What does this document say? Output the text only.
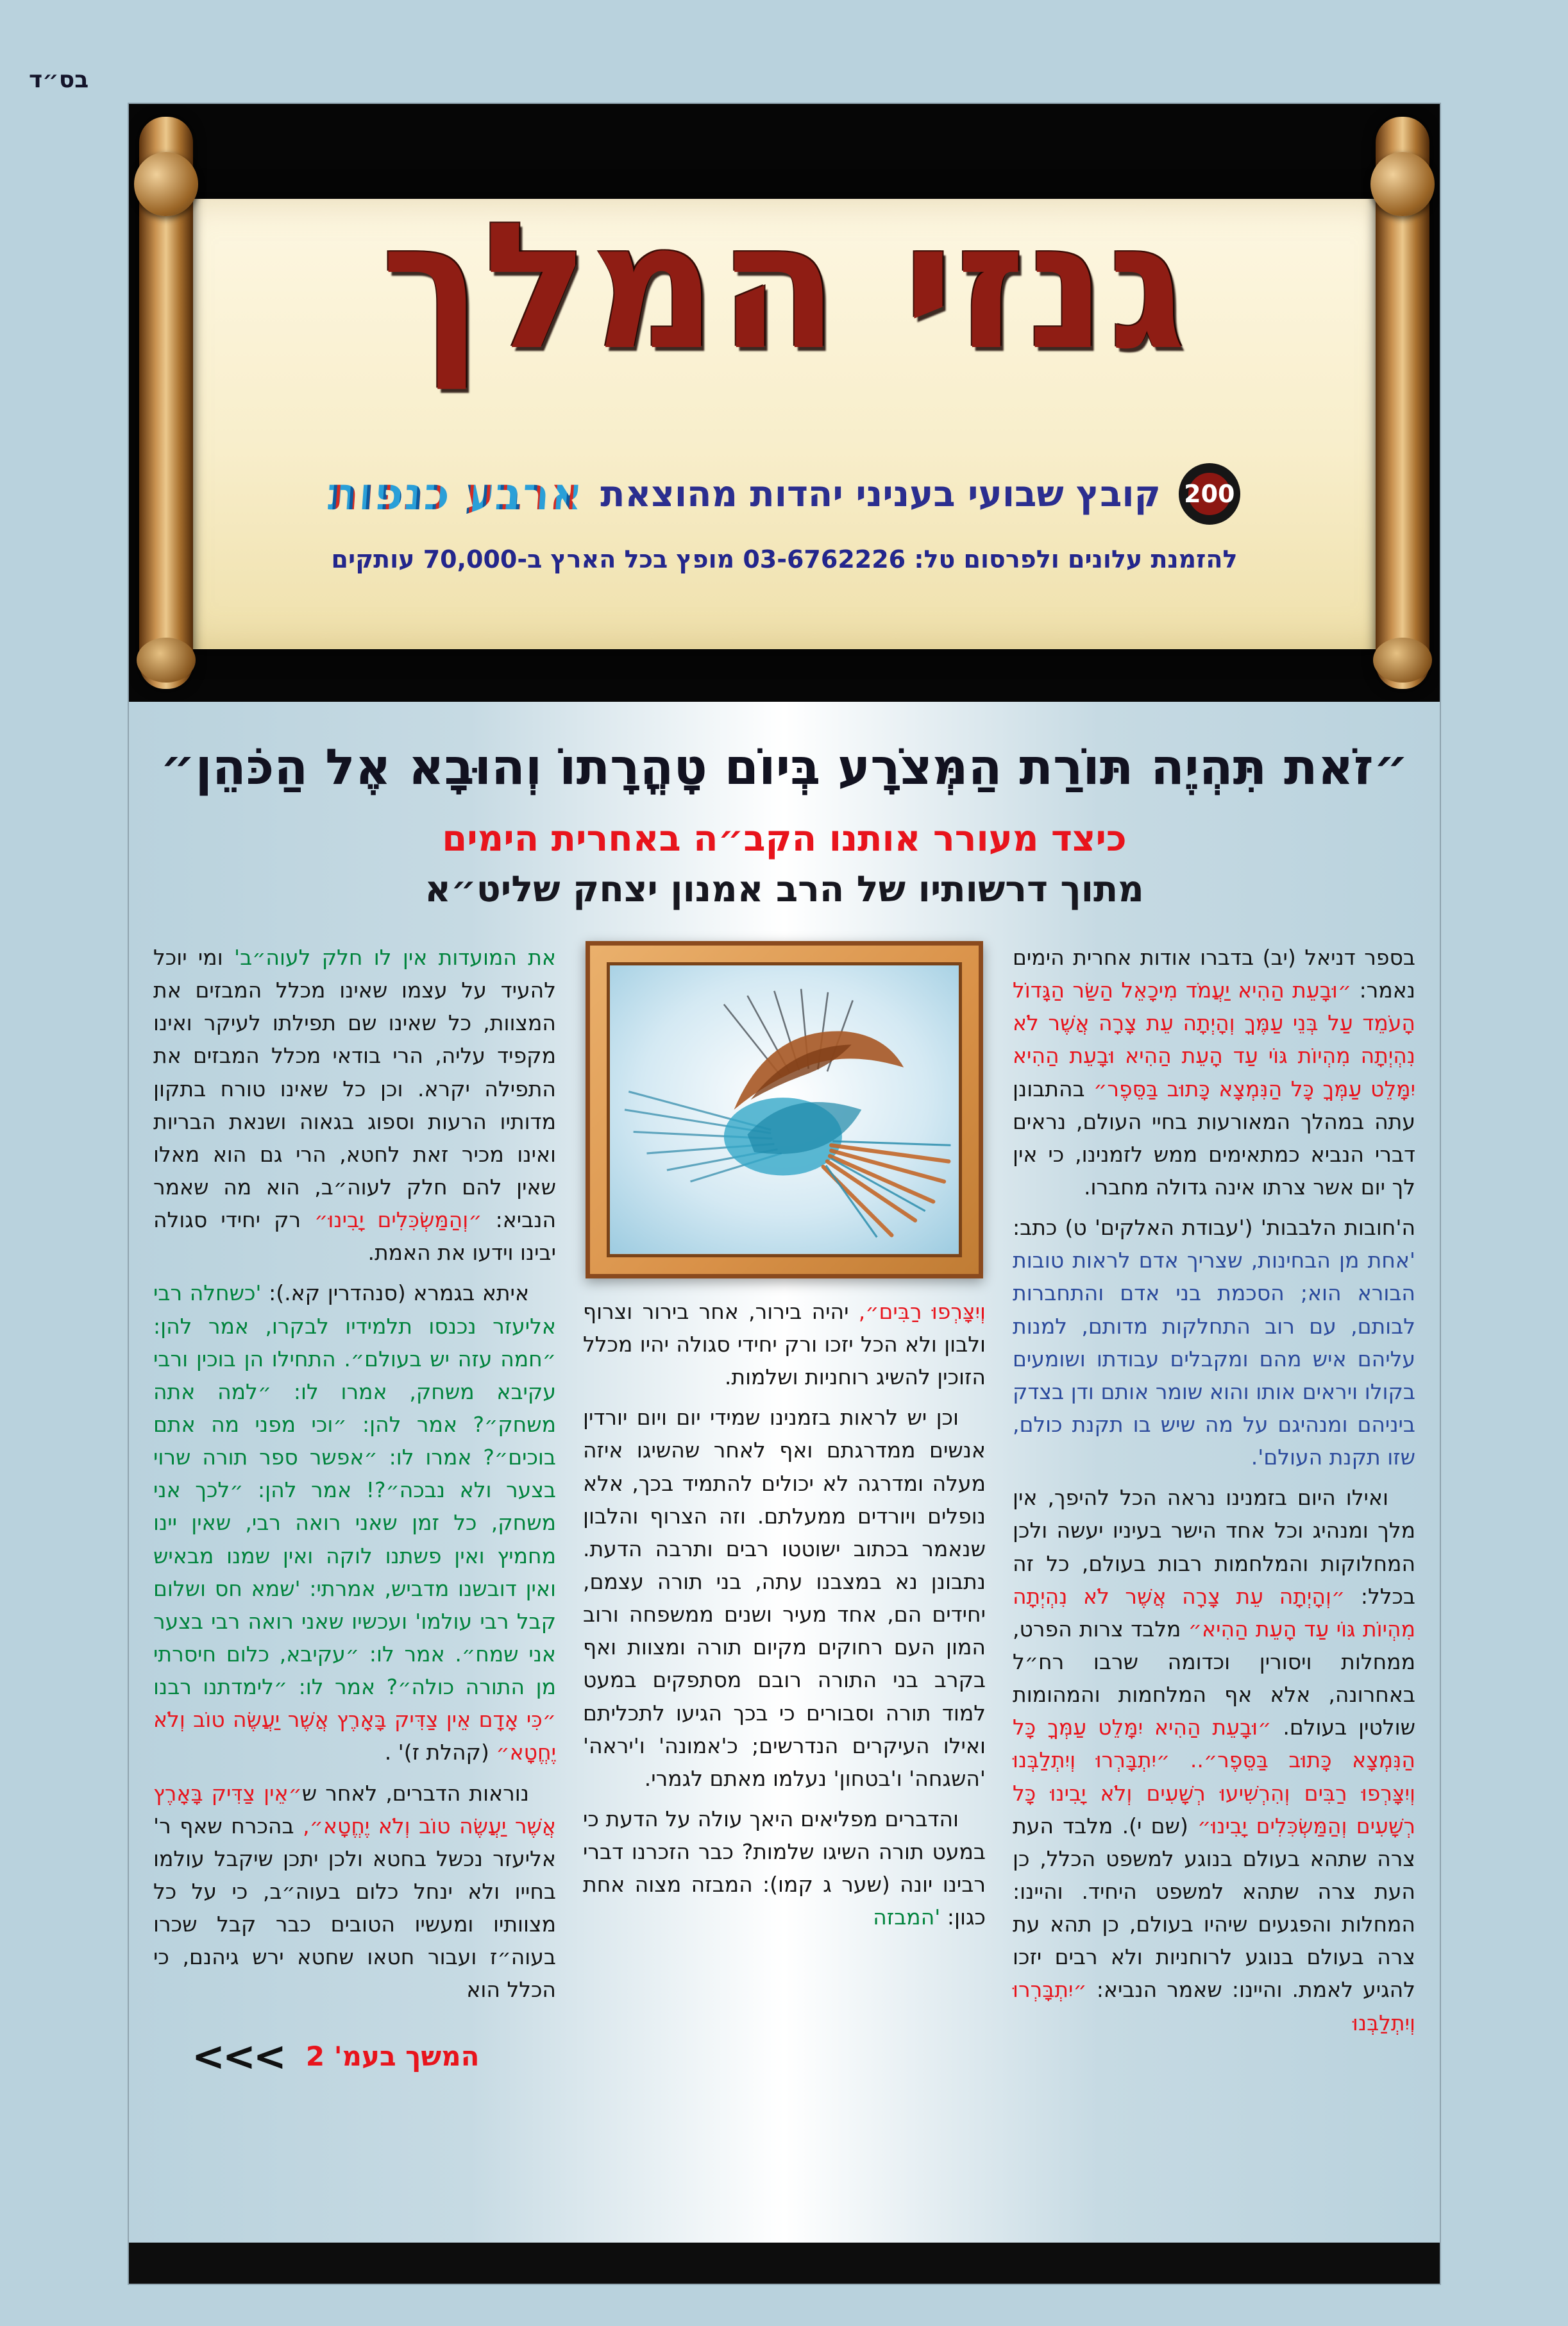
בס״ד
גנזי המלך
200
קובץ שבועי בעניני יהדות מהוצאת
ארבע כנפות
להזמנת עלונים ולפרסום טל: 03-6762226 מופץ בכל הארץ ב-70,000 עותקים
״זֹאת תִּהְיֶה תּוֹרַת הַמְּצֹרָע בְּיוֹם טָהֳרָתוֹ וְהוּבָא אֶל הַכֹּהֵן״
כיצד מעורר אותנו הקב״ה באחרית הימים
מתוך דרשותיו של הרב אמנון יצחק שליט״א

בספר דניאל (יב) בדברו אודות אחרית הימים נאמר: ״וּבָעֵת הַהִיא יַעֲמֹד מִיכָאֵל הַשַּׂר הַגָּדוֹל הָעֹמֵד עַל בְּנֵי עַמֶּךָ וְהָיְתָה עֵת צָרָה אֲשֶׁר לֹא נִהְיְתָה מִהְיוֹת גּוֹי עַד הָעֵת הַהִיא וּבָעֵת הַהִיא יִמָּלֵט עַמְּךָ כָּל הַנִּמְצָא כָּתוּב בַּסֵּפֶר״ בהתבונן עתה במהלך המאורעות בחיי העולם, נראים דברי הנביא כמתאימים ממש לזמנינו, כי אין לך יום אשר צרתו אינה גדולה מחברו.

ה'חובות הלבבות' ('עבודת האלקים' ט) כתב: 'אחת מן הבחינות, שצריך אדם לראות טובות הבורא הוא; הסכמת בני אדם והתחברות לבותם, עם רוב התחלקות מדותם, למנות עליהם איש מהם ומקבלים עבודתו ושומעים בקולו ויראים אותו והוא שומר אותם ודן בצדק ביניהם ומנהיגם על מה שיש בו תקנת כולם, שזו תקנת העולם'.

ואילו היום בזמנינו נראה הכל להיפך, אין מלך ומנהיג וכל אחד הישר בעיניו יעשה ולכן המחלוקות והמלחמות רבות בעולם, כל זה בכלל: ״וְהָיְתָה עֵת צָרָה אֲשֶׁר לֹא נִהְיְתָה מִהְיוֹת גּוֹי עַד הָעֵת הַהִיא״ מלבד צרות הפרט, ממחלות ויסורין וכדומה שרבו רח״ל באחרונה, אלא אף המלחמות והמהומות שולטין בעולם. ״וּבָעֵת הַהִיא יִמָּלֵט עַמְּךָ כָּל הַנִּמְצָא כָּתוּב בַּסֵּפֶר״.. ״יִתְבָּרְרוּ וְיִתְלַבְּנוּ וְיִצָּרְפוּ רַבִּים וְהִרְשִׁיעוּ רְשָׁעִים וְלֹא יָבִינוּ כָּל רְשָׁעִים וְהַמַּשְׂכִּלִים יָבִינוּ״ (שם י). מלבד העת צרה שתהא בעולם בנוגע למשפט הכלל, כן העת צרה שתהא למשפט היחיד. והיינו: המחלות והפגעים שיהיו בעולם, כן תהא עת צרה בעולם בנוגע לרוחניות ולא רבים יזכו להגיע לאמת. והיינו: שאמר הנביא: ״יִתְבָּרְרוּ וְיִתְלַבְּנוּ

וְיִצָּרְפוּ רַבִּים״, יהיה בירור, אחר בירור וצרוף ולבון ולא הכל יזכו ורק יחידי סגולה יהיו מכלל הזוכין להשיג רוחניות ושלמות.

וכן יש לראות בזמנינו שמידי יום ויום יורדין אנשים ממדרגתם ואף לאחר שהשיגו איזה מעלה ומדרגה לא יכולים להתמיד בכך, אלא נופלים ויורדים ממעלתם. וזה הצרוף והלבון שנאמר בכתוב ישוטטו רבים ותרבה הדעת. נתבונן נא במצבנו עתה, בני תורה עצמם, יחידים הם, אחד מעיר ושנים ממשפחה ורוב המון העם רחוקים מקיום תורה ומצוות ואף בקרב בני התורה רובם מסתפקים במעט למוד תורה וסבורים כי בכך הגיעו לתכליתם ואילו העיקרים הנדרשים; כ'אמונה' ו'יראה' 'השגחה' ו'בטחון' נעלמו מאתם לגמרי.

והדברים מפליאים היאך עולה על הדעת כי במעט תורה השיגו שלמות? כבר הזכרנו דברי רבינו יונה (שער ג קמו): המבזה מצוה אחת כגון: 'המבזה

את המועדות אין לו חלק לעוה״ב' ומי יוכל להעיד על עצמו שאינו מכלל המבזים את המצוות, כל שאינו שם תפילתו לעיקר ואינו מקפיד עליה, הרי בודאי מכלל המבזים את התפילה יקרא. וכן כל שאינו טורח בתקון מדותיו הרעות וספוג בגאוה ושנאת הבריות ואינו מכיר זאת לחטא, הרי גם הוא מאלו שאין להם חלק לעוה״ב, הוא מה שאמר הנביא: ״וְהַמַּשְׂכִּלִים יָבִינוּ״ רק יחידי סגולה יבינו וידעו את האמת.

איתא בגמרא (סנהדרין קא.): 'כשחלה רבי אליעזר נכנסו תלמידיו לבקרו, אמר להן: ״חמה עזה יש בעולם״. התחילו הן בוכין ורבי עקיבא משחק, אמרו לו: ״למה אתה משחק״? אמר להן: ״וכי מפני מה אתם בוכים״? אמרו לו: ״אפשר ספר תורה שרוי בצער ולא נבכה״?! אמר להן: ״לכך אני משחק, כל זמן שאני רואה רבי, שאין יינו מחמיץ ואין פשתנו לוקה ואין שמנו מבאיש ואין דובשנו מדביש, אמרתי: 'שמא חס ושלום קבל רבי עולמו' ועכשיו שאני רואה רבי בצער אני שמח״. אמר לו: ״עקיבא, כלום חיסרתי מן התורה כולה״? אמר לו: ״לימדתנו רבנו ״כִּי אָדָם אֵין צַדִּיק בָּאָרֶץ אֲשֶׁר יַעֲשֶׂה טוֹב וְלֹא יֶחֱטָא״ (קהלת ז)' .

נוראות הדברים, לאחר ש״אֵין צַדִּיק בָּאָרֶץ אֲשֶׁר יַעֲשֶׂה טוֹב וְלֹא יֶחֱטָא״, בהכרח שאף ר' אליעזר נכשל בחטא ולכן יתכן שיקבל עולמו בחייו ולא ינחל כלום בעוה״ב, כי על כל מצוותיו ומעשיו הטובים כבר קבל שכרו בעוה״ז ועבור חטאו שחטא ירש גיהנם, כי הכלל הוא

המשך בעמ' 2
<<<
